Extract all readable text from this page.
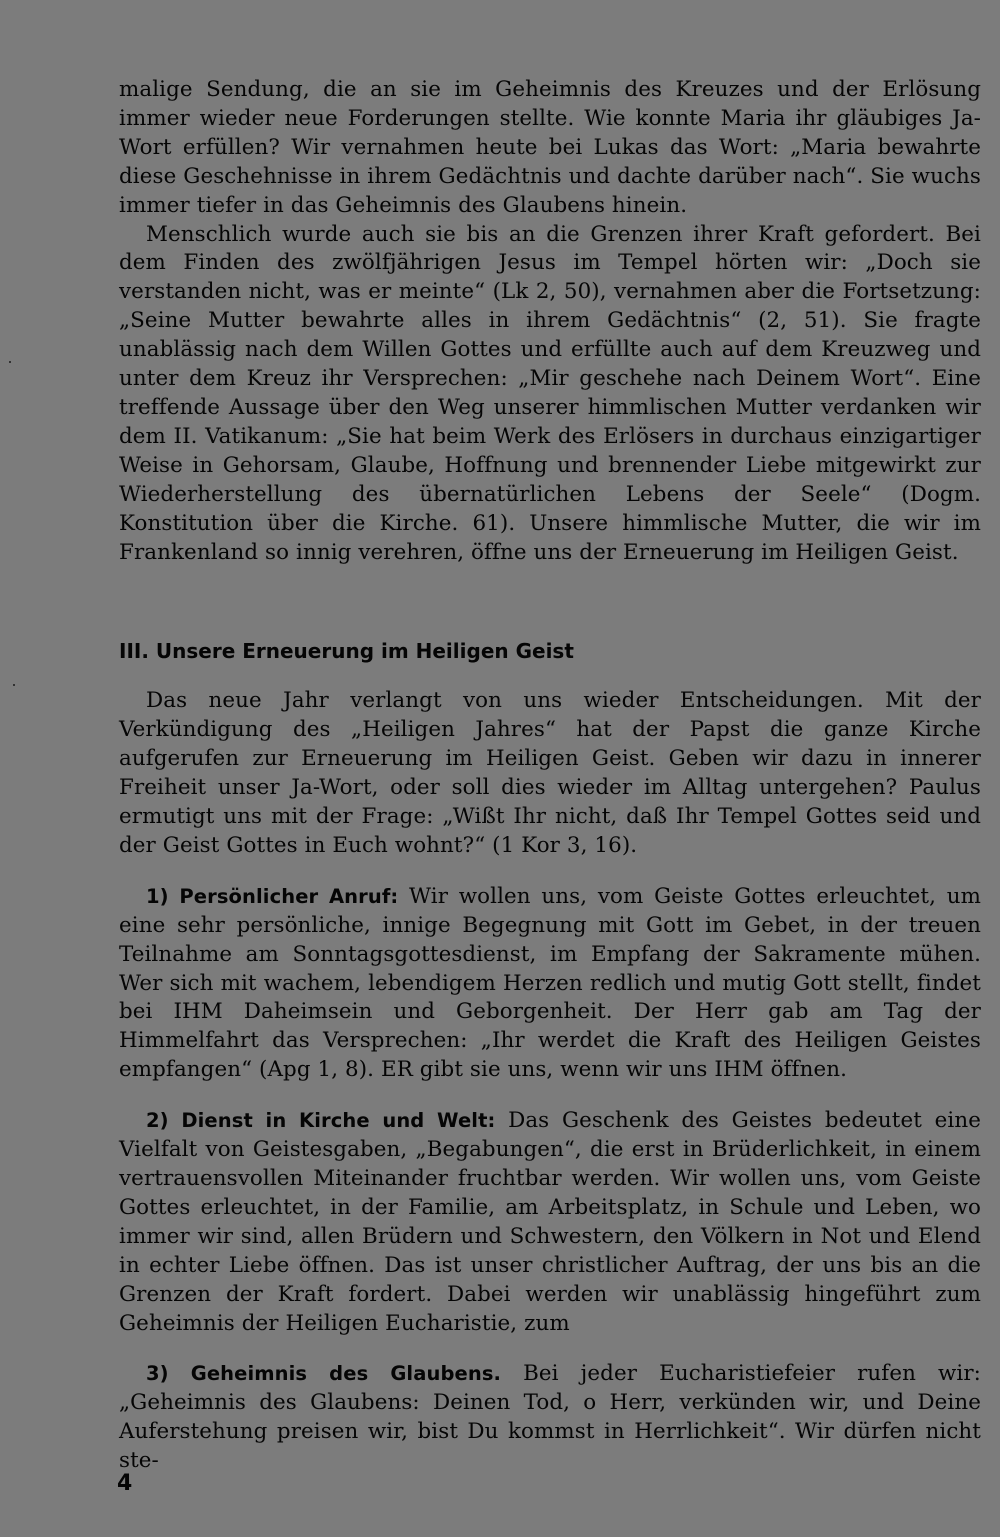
malige Sendung, die an sie im Geheimnis des Kreuzes und der Erlösung immer wieder neue Forderungen stellte. Wie konnte Maria ihr gläubiges Ja-Wort erfüllen? Wir vernahmen heute bei Lukas das Wort: „Maria bewahrte diese Geschehnisse in ihrem Gedächtnis und dachte darüber nach“. Sie wuchs immer tiefer in das Geheimnis des Glaubens hinein.

Menschlich wurde auch sie bis an die Grenzen ihrer Kraft gefordert. Bei dem Finden des zwölfjährigen Jesus im Tempel hörten wir: „Doch sie verstanden nicht, was er meinte“ (Lk 2, 50), vernahmen aber die Fortsetzung: „Seine Mutter bewahrte alles in ihrem Gedächtnis“ (2, 51). Sie fragte unablässig nach dem Willen Gottes und erfüllte auch auf dem Kreuzweg und unter dem Kreuz ihr Versprechen: „Mir geschehe nach Deinem Wort“. Eine treffende Aussage über den Weg unserer himmlischen Mutter verdanken wir dem II. Vatikanum: „Sie hat beim Werk des Erlösers in durchaus einzigartiger Weise in Gehorsam, Glaube, Hoffnung und brennender Liebe mitgewirkt zur Wiederherstellung des übernatürlichen Lebens der Seele“ (Dogm. Konstitution über die Kirche. 61). Unsere himmlische Mutter, die wir im Frankenland so innig verehren, öffne uns der Erneuerung im Heiligen Geist.

III. Unsere Erneuerung im Heiligen Geist

Das neue Jahr verlangt von uns wieder Entscheidungen. Mit der Verkündigung des „Heiligen Jahres“ hat der Papst die ganze Kirche aufgerufen zur Erneuerung im Heiligen Geist. Geben wir dazu in innerer Freiheit unser Ja-Wort, oder soll dies wieder im Alltag untergehen? Paulus ermutigt uns mit der Frage: „Wißt Ihr nicht, daß Ihr Tempel Gottes seid und der Geist Gottes in Euch wohnt?“ (1 Kor 3, 16).

1) Persönlicher Anruf: Wir wollen uns, vom Geiste Gottes erleuchtet, um eine sehr persönliche, innige Begegnung mit Gott im Gebet, in der treuen Teilnahme am Sonntagsgottesdienst, im Empfang der Sakramente mühen. Wer sich mit wachem, lebendigem Herzen redlich und mutig Gott stellt, findet bei IHM Daheimsein und Geborgenheit. Der Herr gab am Tag der Himmelfahrt das Versprechen: „Ihr werdet die Kraft des Heiligen Geistes empfangen“ (Apg 1, 8). ER gibt sie uns, wenn wir uns IHM öffnen.

2) Dienst in Kirche und Welt: Das Geschenk des Geistes bedeutet eine Vielfalt von Geistesgaben, „Begabungen“, die erst in Brüderlichkeit, in einem vertrauensvollen Miteinander fruchtbar werden. Wir wollen uns, vom Geiste Gottes erleuchtet, in der Familie, am Arbeitsplatz, in Schule und Leben, wo immer wir sind, allen Brüdern und Schwestern, den Völkern in Not und Elend in echter Liebe öffnen. Das ist unser christlicher Auftrag, der uns bis an die Grenzen der Kraft fordert. Dabei werden wir unablässig hingeführt zum Geheimnis der Heiligen Eucharistie, zum

3) Geheimnis des Glaubens. Bei jeder Eucharistiefeier rufen wir: „Geheimnis des Glaubens: Deinen Tod, o Herr, verkünden wir, und Deine Auferstehung preisen wir, bist Du kommst in Herrlichkeit“. Wir dürfen nicht ste-

4
